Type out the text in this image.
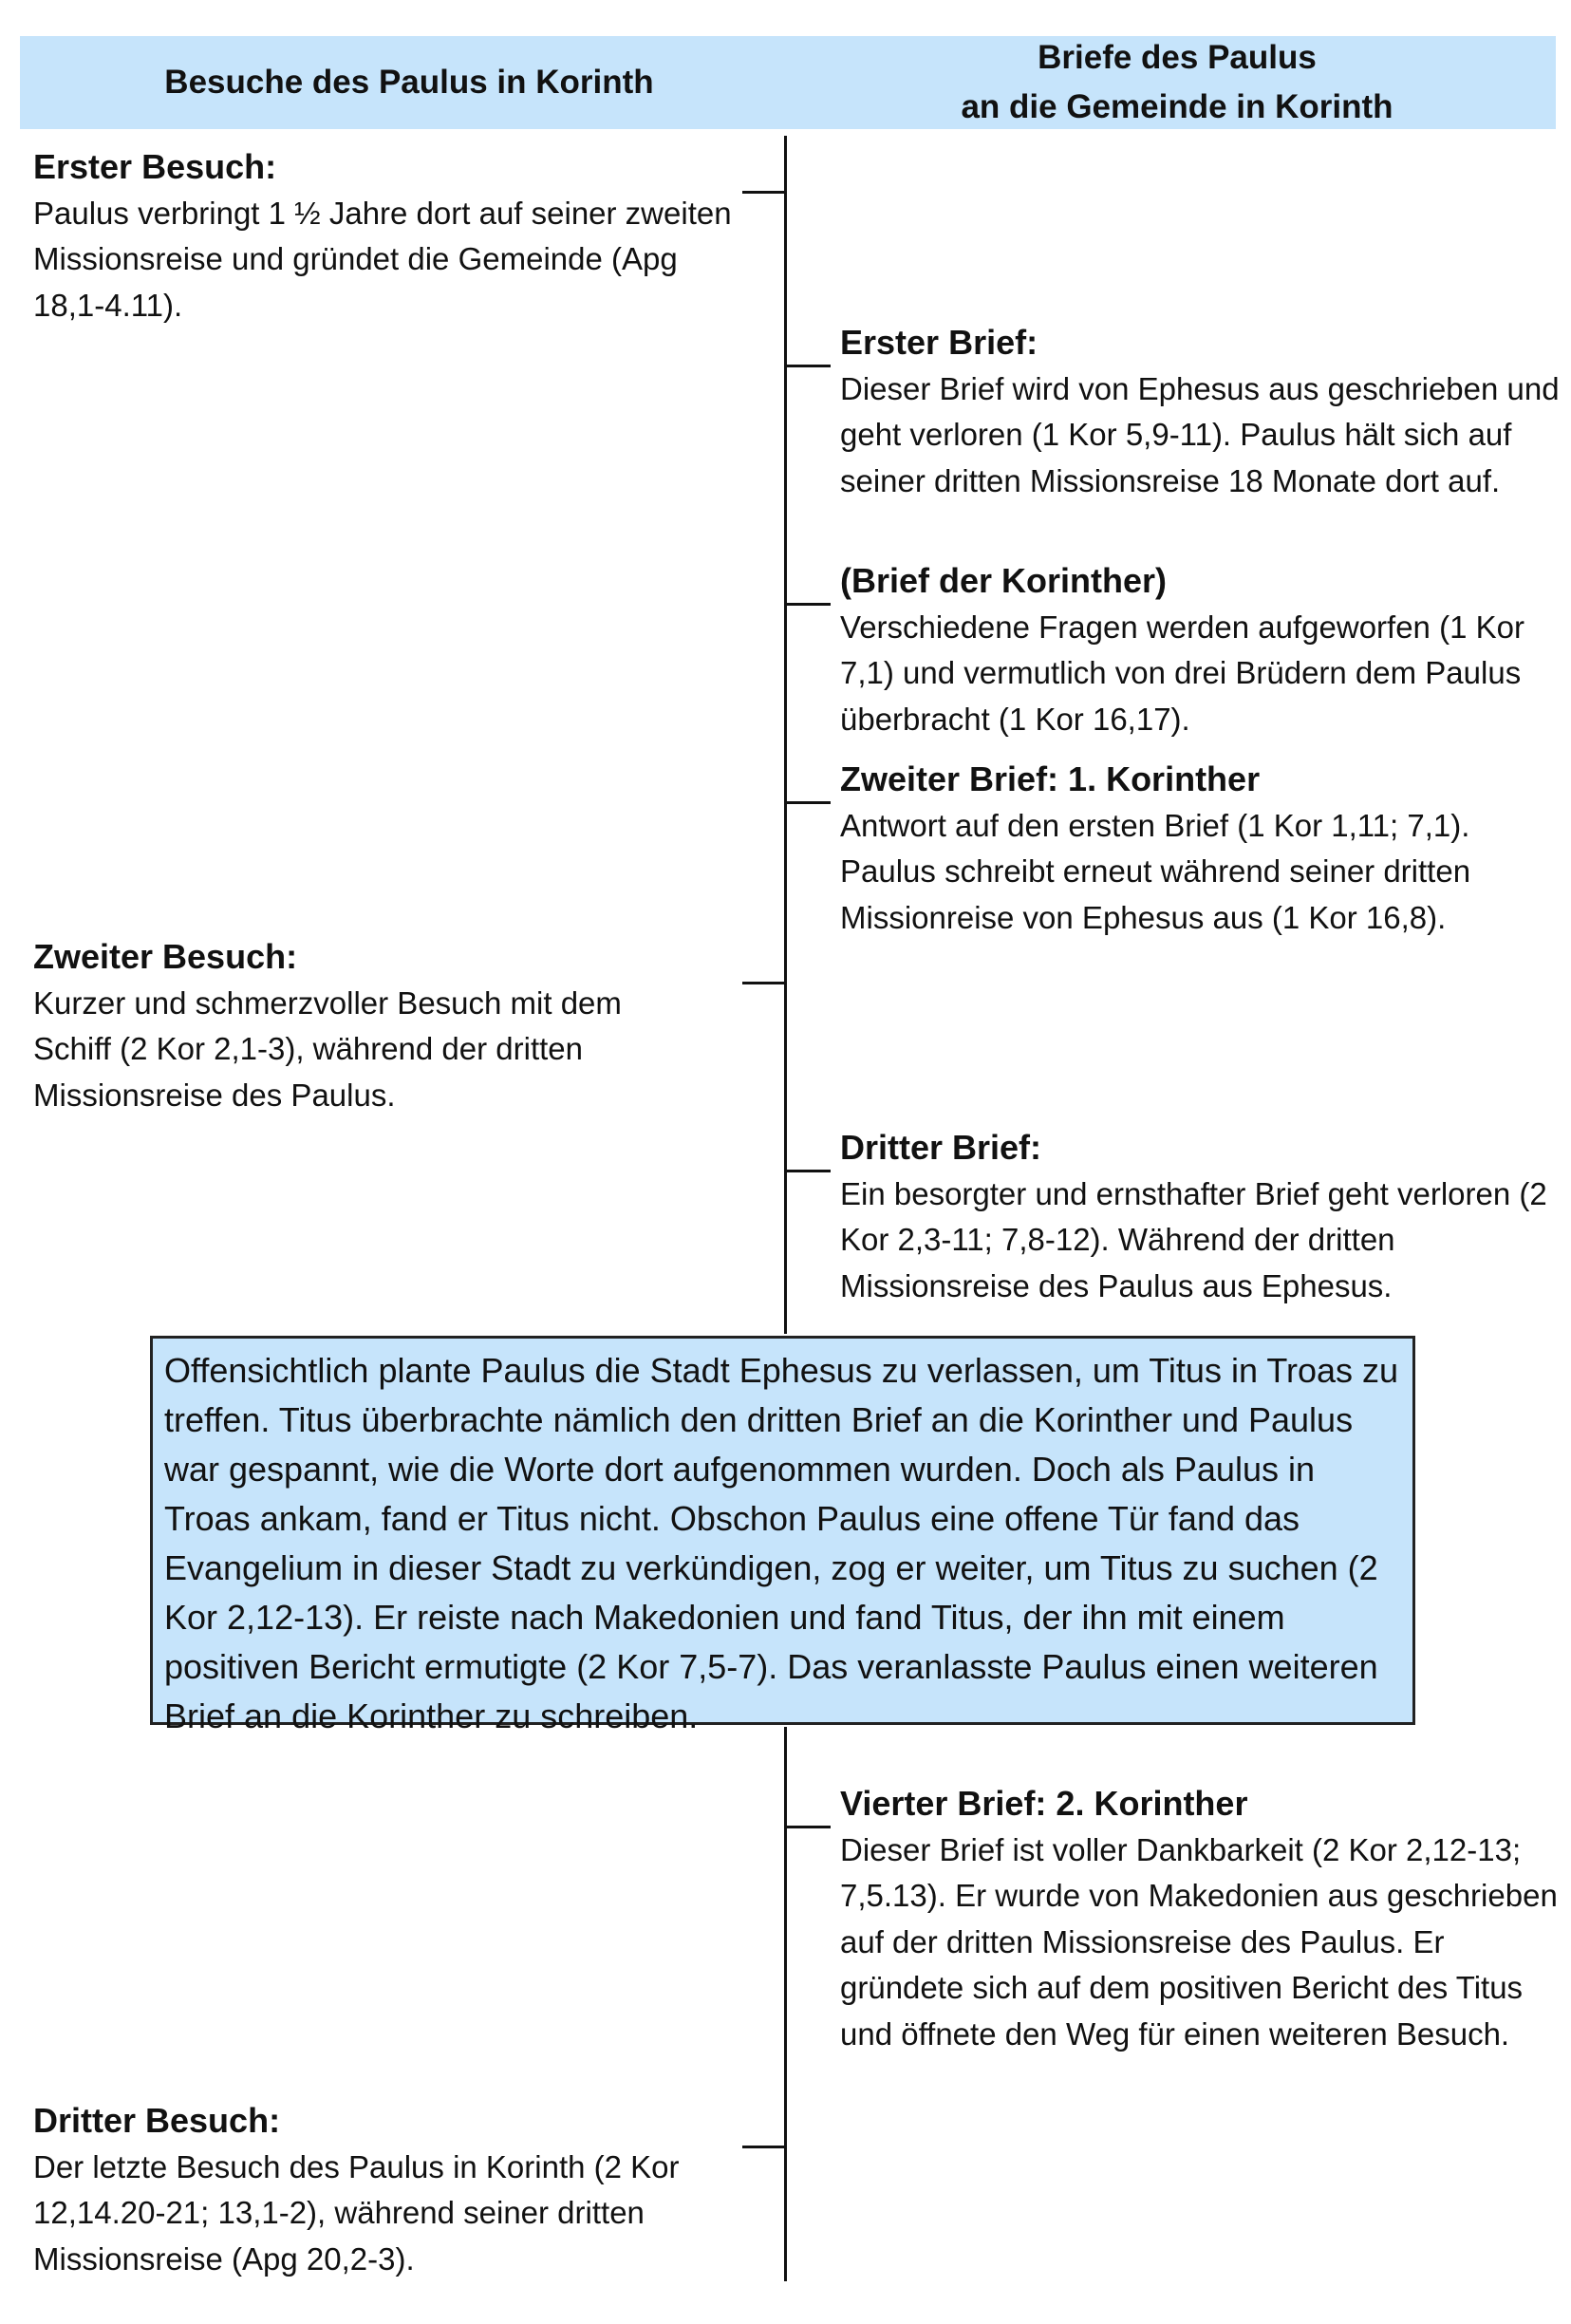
Besuche des Paulus in Korinth
Briefe des Paulus
an die Gemeinde in Korinth
Erster Besuch:
Paulus verbringt 1 ½ Jahre dort auf seiner zweiten Missionsreise und gründet die Gemeinde (Apg 18,1-4.11).
Zweiter Besuch:
Kurzer und schmerzvoller Besuch mit dem Schiff (2 Kor 2,1-3), während der dritten Missionsreise des Paulus.
Dritter Besuch:
Der letzte Besuch des Paulus in Korinth (2 Kor 12,14.20-21; 13,1-2), während seiner dritten Missionsreise (Apg 20,2-3).
Erster Brief:
Dieser Brief wird von Ephesus aus geschrieben und geht verloren (1 Kor 5,9-11). Paulus hält sich auf seiner dritten Missionsreise 18 Monate dort auf.
(Brief der Korinther)
Verschiedene Fragen werden aufgeworfen (1 Kor 7,1) und vermutlich von drei Brüdern dem Paulus überbracht (1 Kor 16,17).
Zweiter Brief: 1. Korinther
Antwort auf den ersten Brief (1 Kor 1,11; 7,1). Paulus schreibt erneut während seiner dritten Missionreise von Ephesus aus (1 Kor 16,8).
Dritter Brief:
Ein besorgter und ernsthafter Brief geht verloren (2 Kor 2,3-11; 7,8-12). Während der dritten Missionsreise des Paulus aus Ephesus.
Vierter Brief: 2. Korinther
Dieser Brief ist voller Dankbarkeit (2 Kor 2,12-13; 7,5.13). Er wurde von Makedonien aus geschrieben auf der dritten Missionsreise des Paulus. Er gründete sich auf dem positiven Bericht des Titus und öffnete den Weg für einen weiteren Besuch.
Offensichtlich plante Paulus die Stadt Ephesus zu verlassen, um Titus in Troas zu treffen. Titus überbrachte nämlich den dritten Brief an die Korinther und Paulus war gespannt, wie die Worte dort aufgenommen wurden. Doch als Paulus in Troas ankam, fand er Titus nicht. Obschon Paulus eine offene Tür fand das Evangelium in dieser Stadt zu verkündigen, zog er weiter, um Titus zu suchen (2 Kor 2,12-13). Er reiste nach Makedonien und fand Titus, der ihn mit einem positiven Bericht ermutigte (2 Kor 7,5-7). Das veranlasste Paulus einen weiteren Brief an die Korinther zu schreiben.
